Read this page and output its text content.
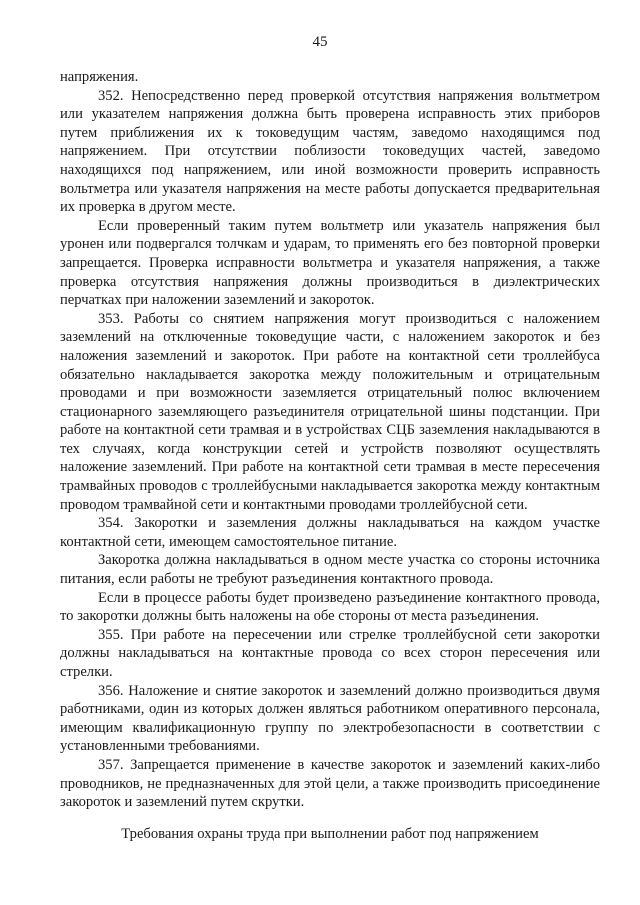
45

напряжения.

352. Непосредственно перед проверкой отсутствия напряжения вольтметром или указателем напряжения должна быть проверена исправность этих приборов путем приближения их к токоведущим частям, заведомо находящимся под напряжением. При отсутствии поблизости токоведущих частей, заведомо находящихся под напряжением, или иной возможности проверить исправность вольтметра или указателя напряжения на месте работы допускается предварительная их проверка в другом месте.

Если проверенный таким путем вольтметр или указатель напряжения был уронен или подвергался толчкам и ударам, то применять его без повторной проверки запрещается. Проверка исправности вольтметра и указателя напряжения, а также проверка отсутствия напряжения должны производиться в диэлектрических перчатках при наложении заземлений и закороток.

353. Работы со снятием напряжения могут производиться с наложением заземлений на отключенные токоведущие части, с наложением закороток и без наложения заземлений и закороток. При работе на контактной сети троллейбуса обязательно накладывается закоротка между положительным и отрицательным проводами и при возможности заземляется отрицательный полюс включением стационарного заземляющего разъединителя отрицательной шины подстанции. При работе на контактной сети трамвая и в устройствах СЦБ заземления накладываются в тех случаях, когда конструкции сетей и устройств позволяют осуществлять наложение заземлений. При работе на контактной сети трамвая в месте пересечения трамвайных проводов с троллейбусными накладывается закоротка между контактным проводом трамвайной сети и контактными проводами троллейбусной сети.

354. Закоротки и заземления должны накладываться на каждом участке контактной сети, имеющем самостоятельное питание.

Закоротка должна накладываться в одном месте участка со стороны источника питания, если работы не требуют разъединения контактного провода.

Если в процессе работы будет произведено разъединение контактного провода, то закоротки должны быть наложены на обе стороны от места разъединения.

355. При работе на пересечении или стрелке троллейбусной сети закоротки должны накладываться на контактные провода со всех сторон пересечения или стрелки.

356. Наложение и снятие закороток и заземлений должно производиться двумя работниками, один из которых должен являться работником оперативного персонала, имеющим квалификационную группу по электробезопасности в соответствии с установленными требованиями.

357. Запрещается применение в качестве закороток и заземлений каких-либо проводников, не предназначенных для этой цели, а также производить присоединение закороток и заземлений путем скрутки.

Требования охраны труда при выполнении работ под напряжением
